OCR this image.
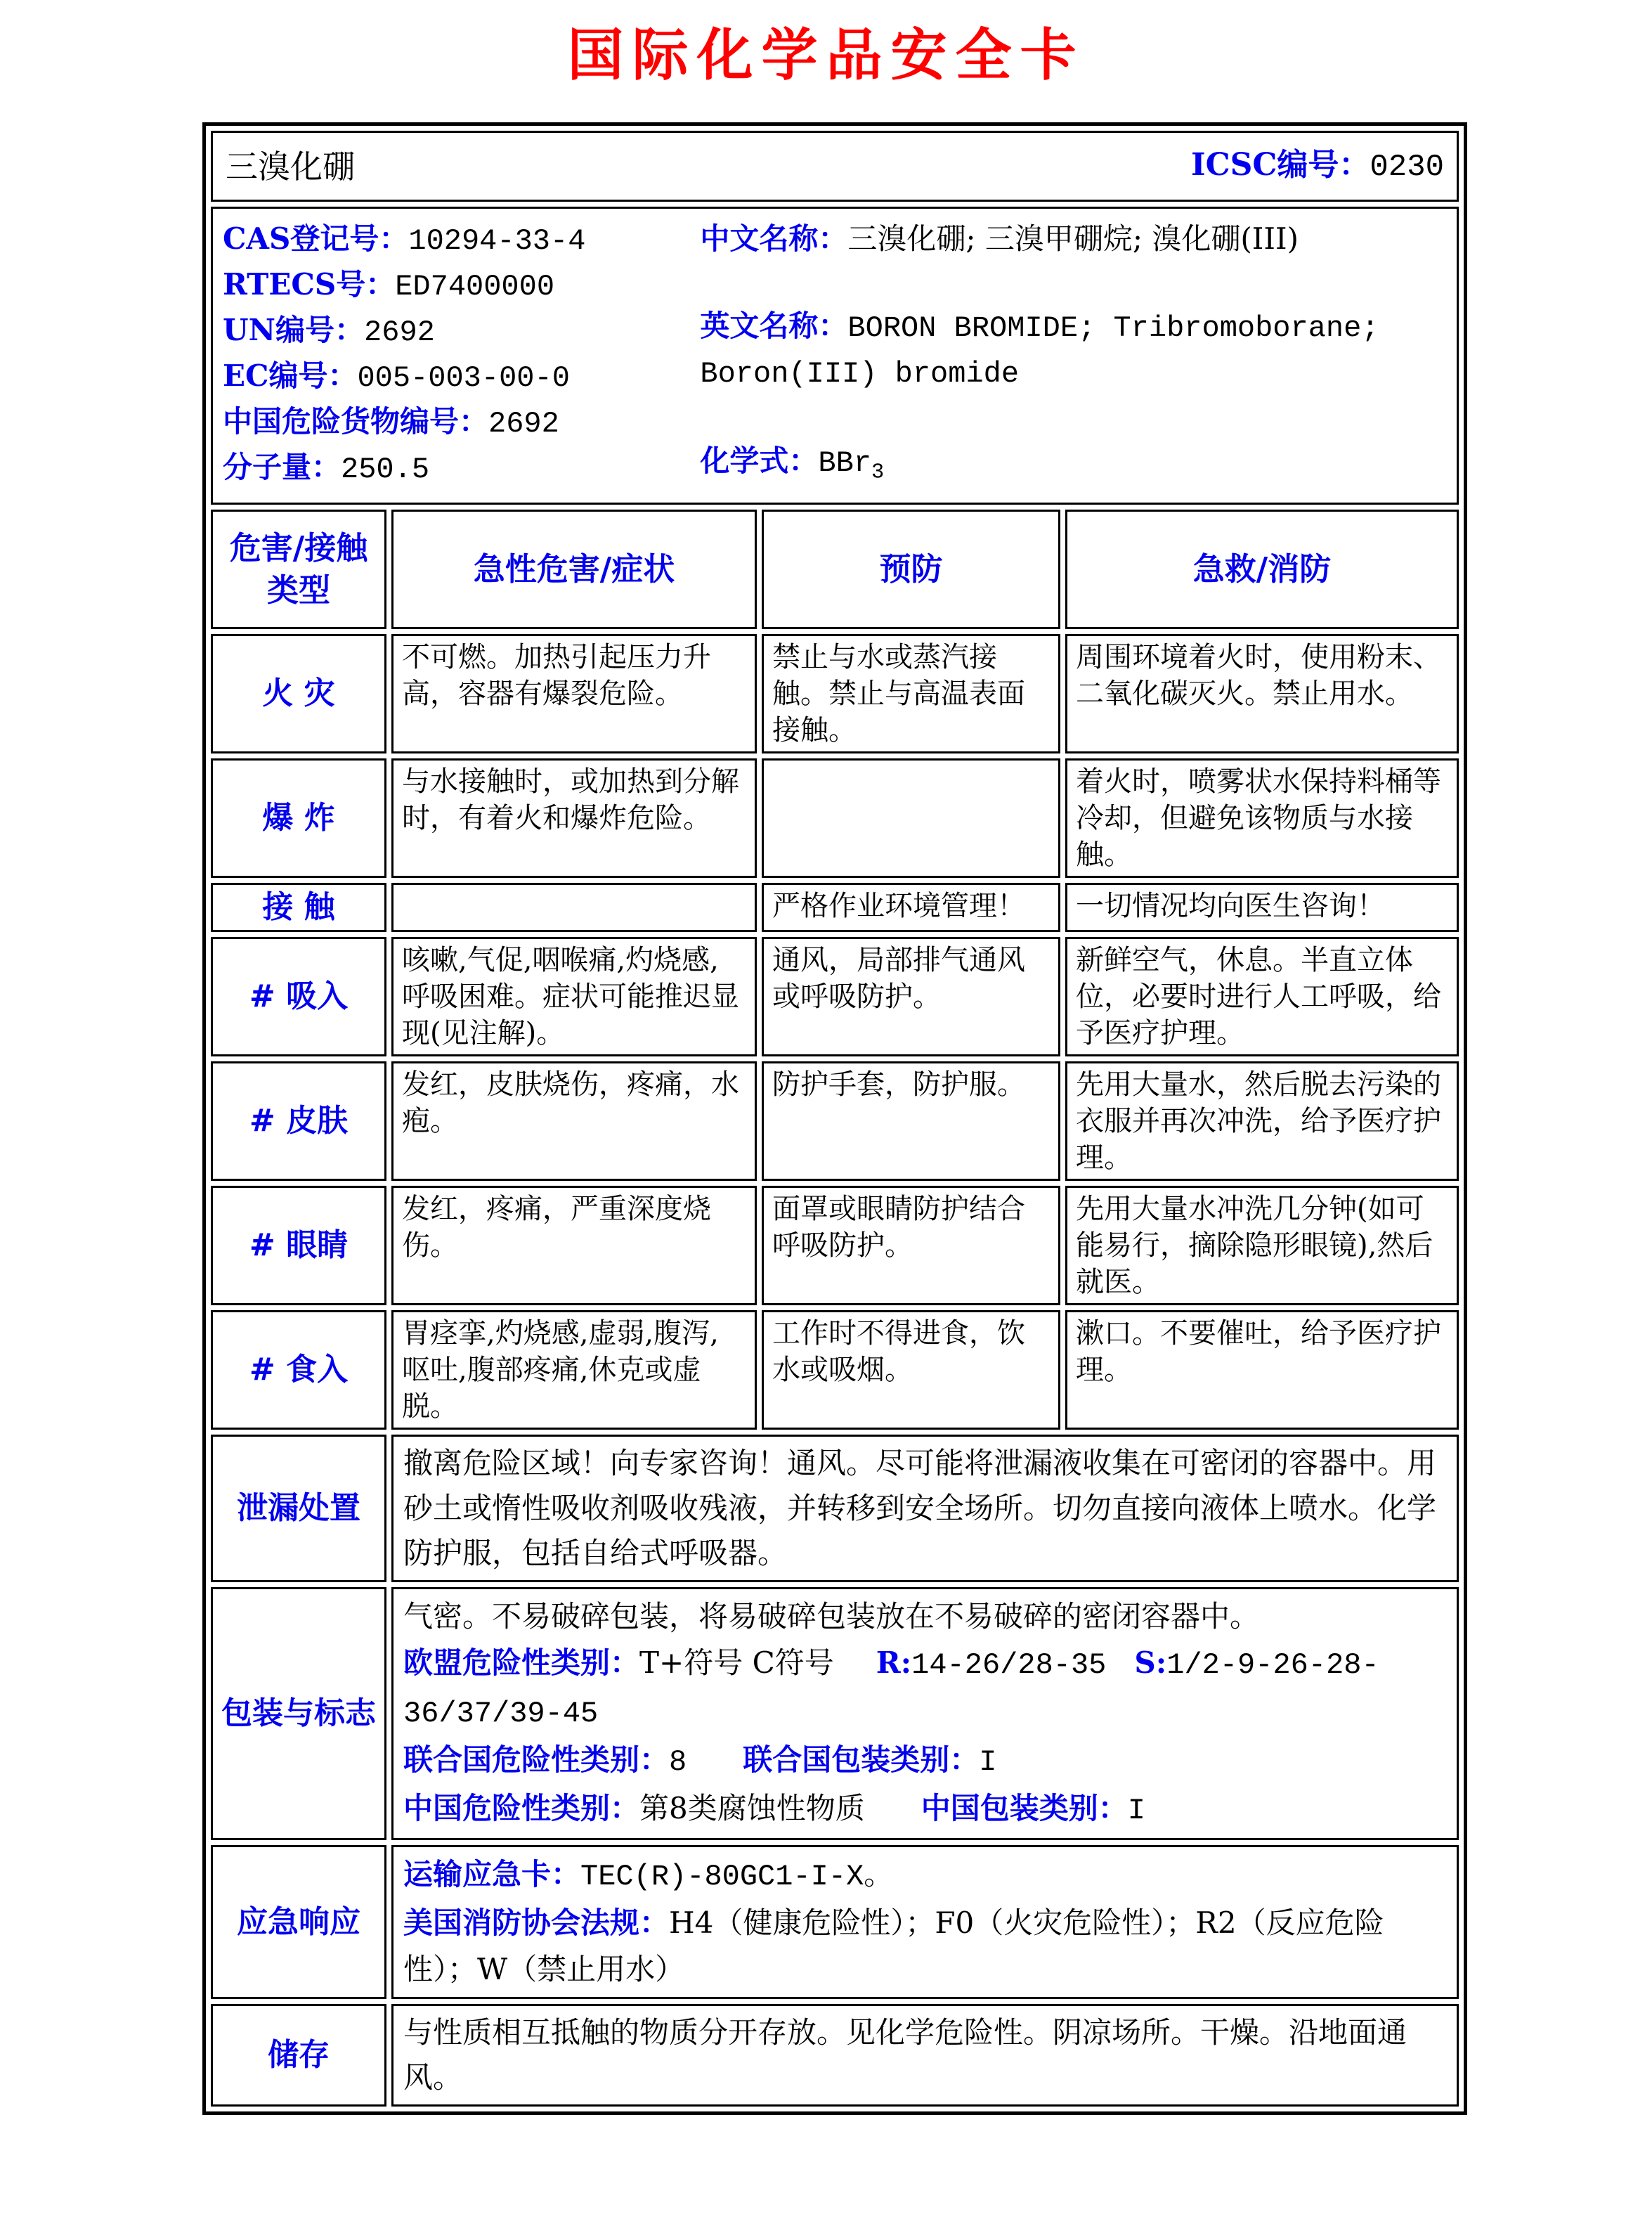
国际化学品安全卡
三溴化硼 ICSC编号：0230			

CAS登记号：10294-33-4
RTECS号：ED7400000
UN编号：2692
EC编号：005-003-00-0
中国危险货物编号：2692
分子量：250.5
中文名称：三溴化硼; 三溴甲硼烷; 溴化硼(III)
英文名称：BORON BROMIDE; Tribromoborane; Boron(III) bromide
化学式：BBr$_3$

危害/接触类型	急性危害/症状	预防	急救/消防
火 灾	不可燃。加热引起压力升高，容器有爆裂危险。	禁止与水或蒸汽接触。禁止与高温表面接触。	周围环境着火时，使用粉末、二氧化碳灭火。禁止用水。
爆 炸	与水接触时，或加热到分解时，有着火和爆炸危险。		着火时，喷雾状水保持料桶等冷却，但避免该物质与水接触。
接 触		严格作业环境管理！	一切情况均向医生咨询！
# 吸入	咳嗽,气促,咽喉痛,灼烧感,呼吸困难。症状可能推迟显现(见注解)。	通风，局部排气通风或呼吸防护。	新鲜空气，休息。半直立体位，必要时进行人工呼吸，给予医疗护理。
# 皮肤	发红，皮肤烧伤，疼痛，水疱。	防护手套，防护服。	先用大量水，然后脱去污染的衣服并再次冲洗，给予医疗护理。
# 眼睛	发红，疼痛，严重深度烧伤。	面罩或眼睛防护结合呼吸防护。	先用大量水冲洗几分钟(如可能易行，摘除隐形眼镜),然后就医。
# 食入	胃痉挛,灼烧感,虚弱,腹泻,呕吐,腹部疼痛,休克或虚脱。	工作时不得进食，饮水或吸烟。	漱口。不要催吐，给予医疗护理。
泄漏处置	撤离危险区域！向专家咨询！通风。尽可能将泄漏液收集在可密闭的容器中。用砂土或惰性吸收剂吸收残液，并转移到安全场所。切勿直接向液体上喷水。化学防护服，包括自给式呼吸器。		
包装与标志	气密。不易破碎包装，将易破碎包装放在不易破碎的密闭容器中。
欧盟危险性类别：T+符号 C符号 R:14-26/28-35 S:1/2-9-26-28-36/37/39-45
联合国危险性类别：8 联合国包装类别：I
中国危险性类别：第8类腐蚀性物质 中国包装类别：I		

应急响应	运输应急卡：TEC(R)-80GC1-I-X。
美国消防协会法规：H4（健康危险性）；F0（火灾危险性）；R2（反应危险性）；W（禁止用水）		

储存	与性质相互抵触的物质分开存放。见化学危险性。阴凉场所。干燥。沿地面通风。		
